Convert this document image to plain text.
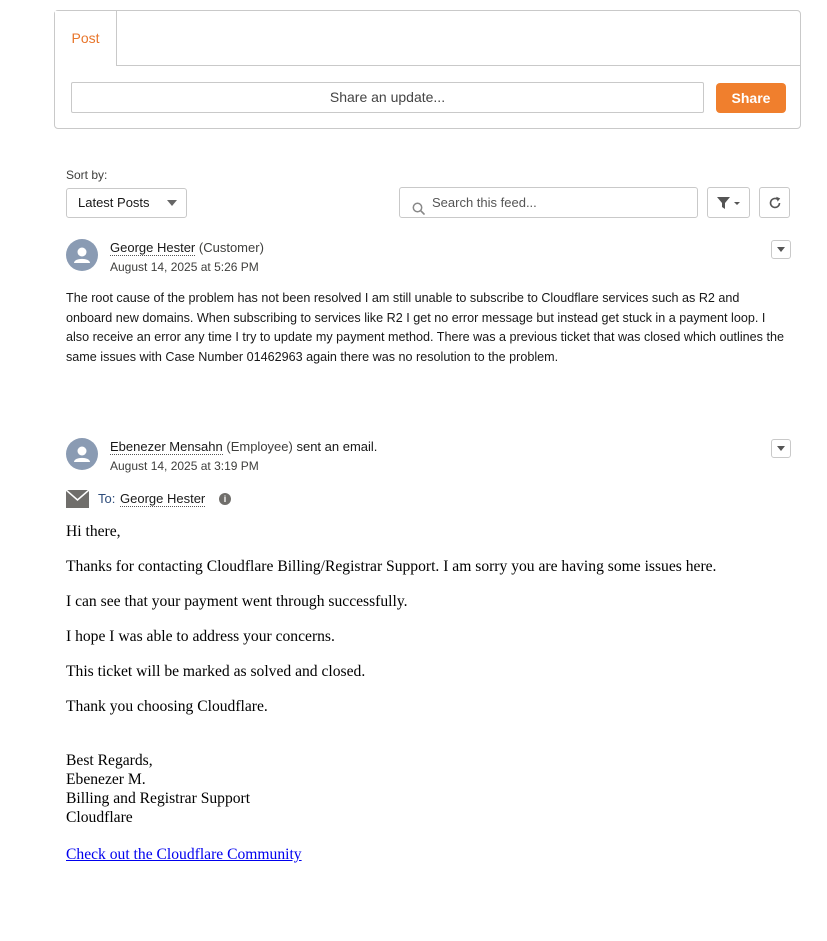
Post
Share an update...	Share
Sort by:
Latest Posts	Search this feed...
George Hester (Customer)
August 14, 2025 at 5:26 PM
The root cause of the problem has not been resolved I am still unable to subscribe to Cloudflare services such as R2 and onboard new domains. When subscribing to services like R2 I get no error message but instead get stuck in a payment loop. I also receive an error any time I try to update my payment method. There was a previous ticket that was closed which outlines the same issues with Case Number 01462963 again there was no resolution to the problem.
Ebenezer Mensahn (Employee) sent an email.
August 14, 2025 at 3:19 PM
To: George Hester	i

Hi there,

Thanks for contacting Cloudflare Billing/Registrar Support. I am sorry you are having some issues here.

I can see that your payment went through successfully.

I hope I was able to address your concerns.

This ticket will be marked as solved and closed.

Thank you choosing Cloudflare.

Best Regards,
Ebenezer M.
Billing and Registrar Support
Cloudflare

Check out the Cloudflare Community
